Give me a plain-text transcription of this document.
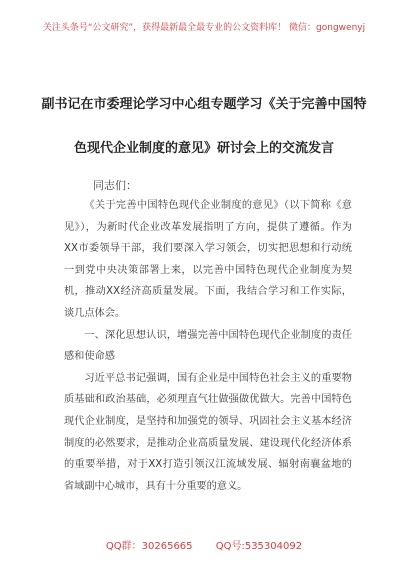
关注头条号“公文研究”，获得最新最全最专业的公文资料库！ 微信：gongwenyj
副书记在市委理论学习中心组专题学习《关于完善中国特
色现代企业制度的意见》研讨会上的交流发言
同志们：

《关于完善中国特色现代企业制度的意见》（以下简称《意见》），为新时代企业改革发展指明了方向，提供了遵循。作为XX市委领导干部，我们要深入学习领会，切实把思想和行动统一到党中央决策部署上来，以完善中国特色现代企业制度为契机，推动XX经济高质量发展。下面，我结合学习和工作实际，谈几点体会。

一、深化思想认识，增强完善中国特色现代企业制度的责任感和使命感

习近平总书记强调，国有企业是中国特色社会主义的重要物质基础和政治基础，必须理直气壮做强做优做大。完善中国特色现代企业制度，是坚持和加强党的领导、巩固社会主义基本经济制度的必然要求，是推动企业高质量发展、建设现代化经济体系的重要举措，对于XX打造引领汉江流域发展、辐射南襄盆地的省域副中心城市，具有十分重要的意义。

QQ群：30265665 QQ号:535304092
